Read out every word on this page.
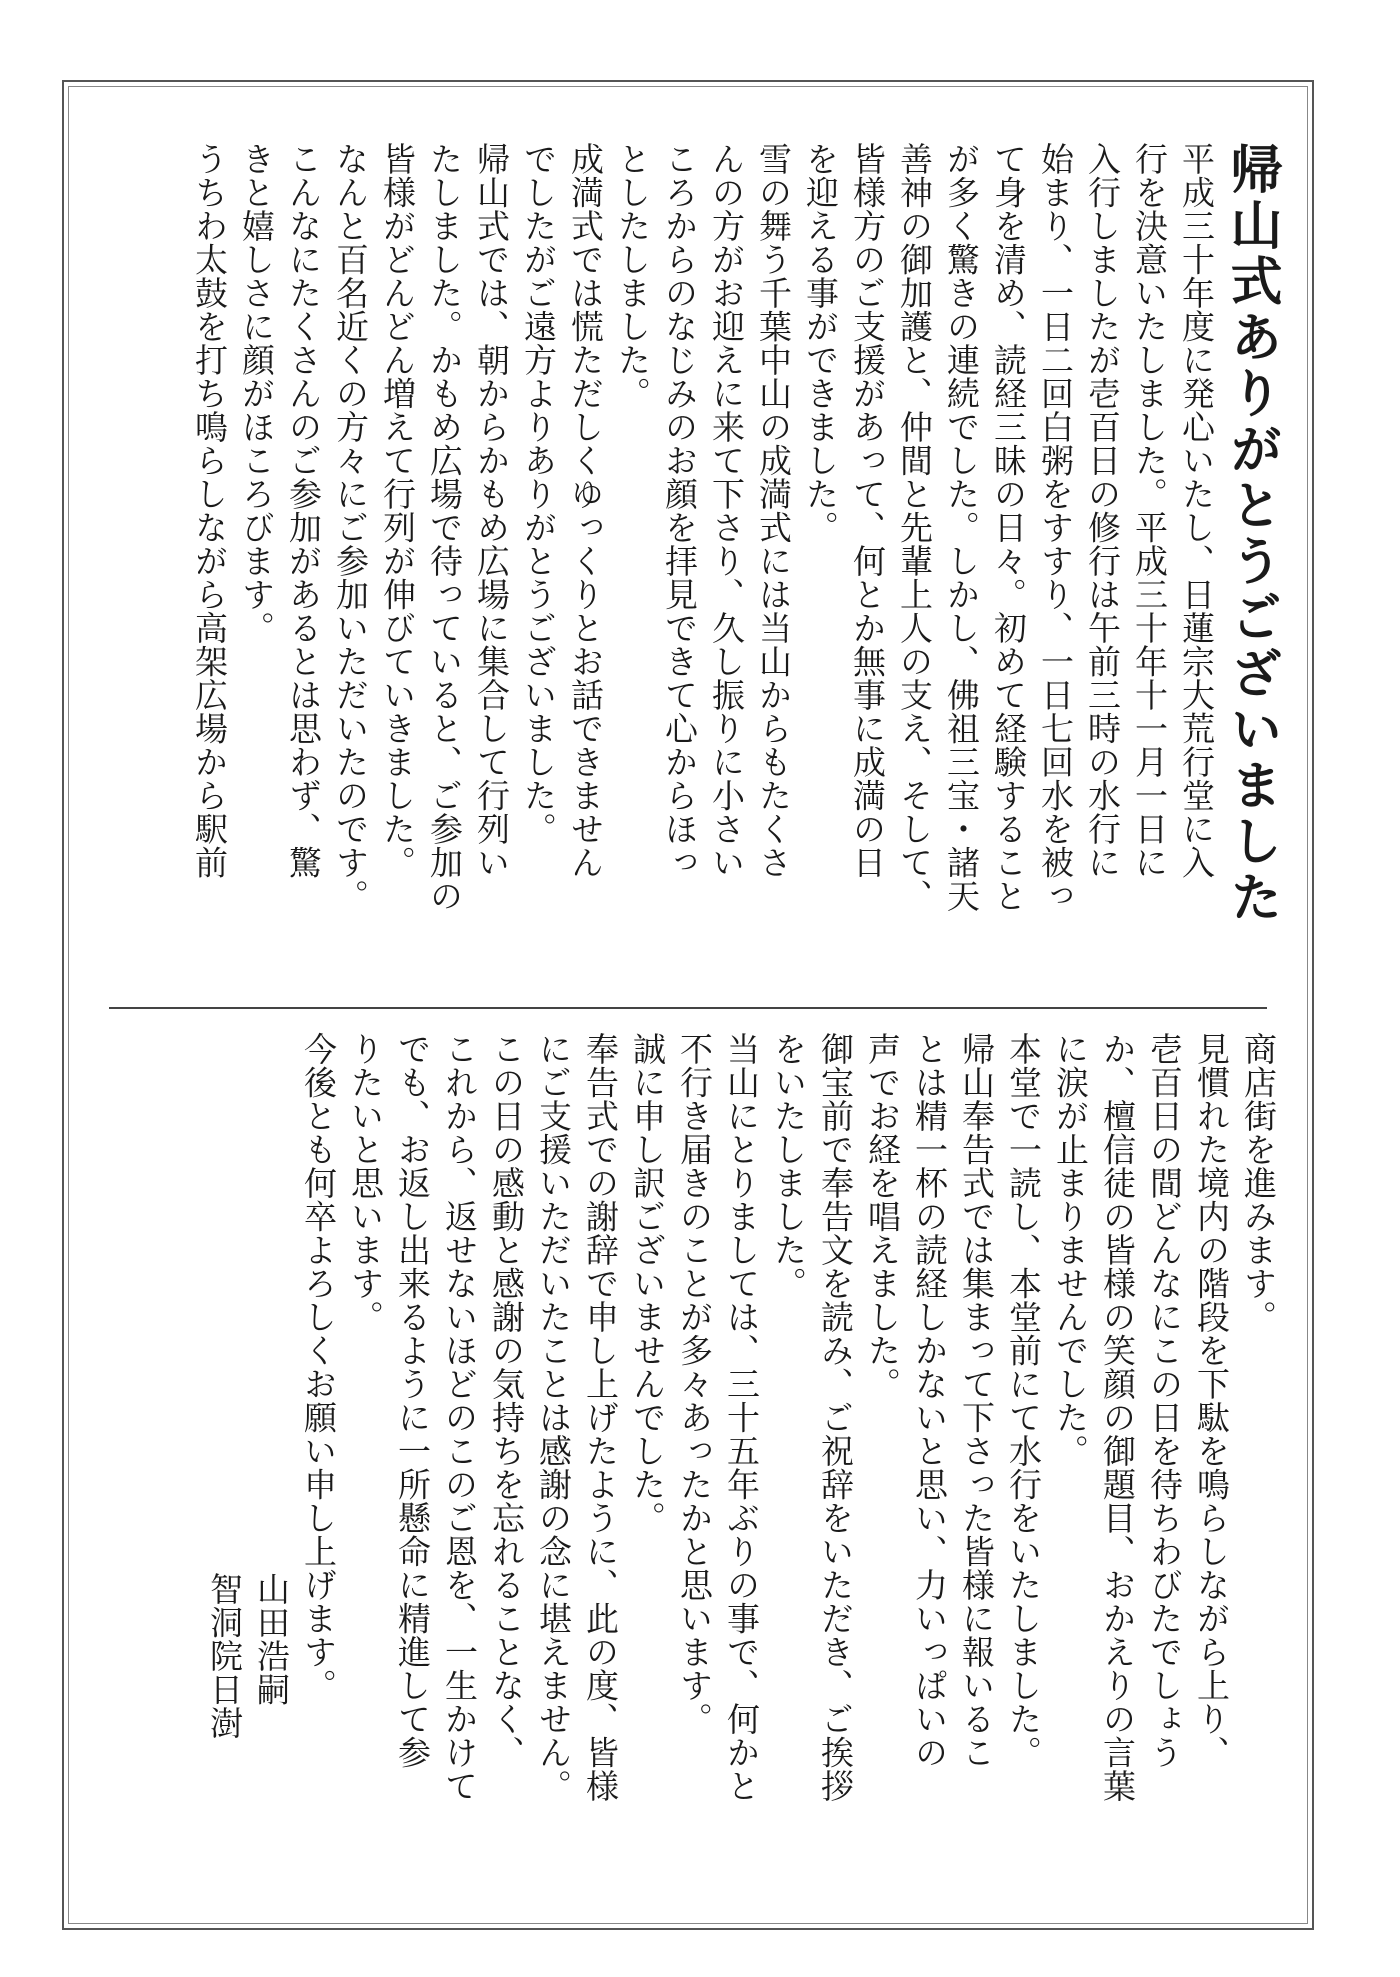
帰山式ありがとうございました

平成三十年度に発心いたし、日蓮宗大荒行堂に入

行を決意いたしました。平成三十年十一月一日に

入行しましたが壱百日の修行は午前三時の水行に

始まり、一日二回白粥をすすり、一日七回水を被っ

て身を清め、読経三昧の日々。初めて経験すること

が多く驚きの連続でした。しかし、佛祖三宝・諸天

善神の御加護と、仲間と先輩上人の支え、そして、

皆様方のご支援があって、何とか無事に成満の日

を迎える事ができました。

雪の舞う千葉中山の成満式には当山からもたくさ

んの方がお迎えに来て下さり、久し振りに小さい

ころからのなじみのお顔を拝見できて心からほっ

としたしました。

成満式では慌ただしくゆっくりとお話できません

でしたがご遠方よりありがとうございました。

帰山式では、朝からかもめ広場に集合して行列い

たしました。かもめ広場で待っていると、ご参加の

皆様がどんどん増えて行列が伸びていきました。

なんと百名近くの方々にご参加いただいたのです。

こんなにたくさんのご参加があるとは思わず、驚

きと嬉しさに顔がほころびます。

うちわ太鼓を打ち鳴らしながら高架広場から駅前

商店街を進みます。

見慣れた境内の階段を下駄を鳴らしながら上り、

壱百日の間どんなにこの日を待ちわびたでしょう

か、檀信徒の皆様の笑顔の御題目、おかえりの言葉

に涙が止まりませんでした。

本堂で一読し、本堂前にて水行をいたしました。

帰山奉告式では集まって下さった皆様に報いるこ

とは精一杯の読経しかないと思い、力いっぱいの

声でお経を唱えました。

御宝前で奉告文を読み、ご祝辞をいただき、ご挨拶

をいたしました。

当山にとりましては、三十五年ぶりの事で、何かと

不行き届きのことが多々あったかと思います。

誠に申し訳ございませんでした。

奉告式での謝辞で申し上げたように、此の度、皆様

にご支援いただいたことは感謝の念に堪えません。

この日の感動と感謝の気持ちを忘れることなく、

これから、返せないほどのこのご恩を、一生かけて

でも、お返し出来るように一所懸命に精進して参

りたいと思います。

今後とも何卒よろしくお願い申し上げます。

山田浩嗣

智洞院日澍
